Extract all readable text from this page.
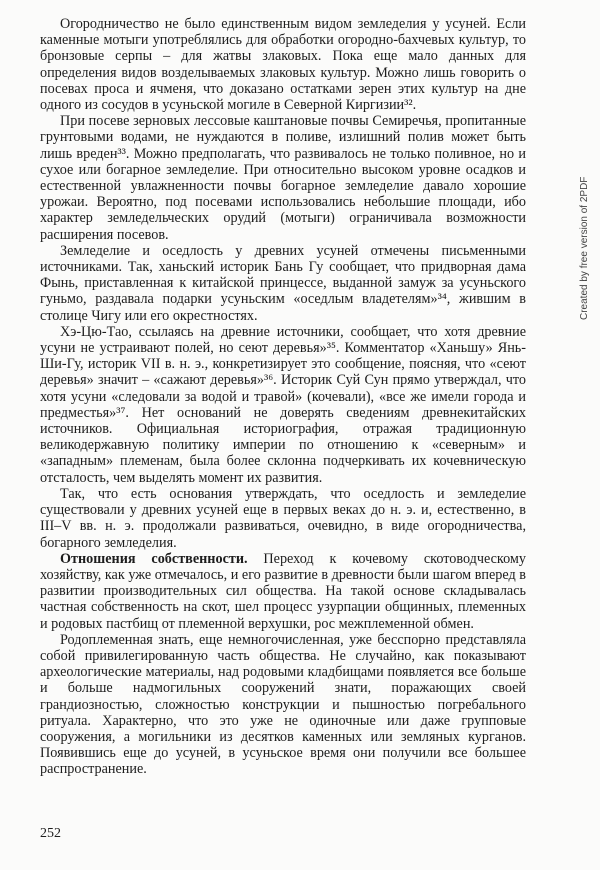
Огородничество не было единственным видом земледелия у усуней. Если каменные мотыги употреблялись для обработки огородно-бахчевых культур, то бронзовые серпы – для жатвы злаковых. Пока еще мало данных для определения видов возделываемых злаковых культур. Можно лишь говорить о посевах проса и ячменя, что доказано остатками зерен этих культур на дне одного из сосудов в усуньской могиле в Северной Киргизии³².

При посеве зерновых лессовые каштановые почвы Семиречья, пропитанные грунтовыми водами, не нуждаются в поливе, излишний полив может быть лишь вреден³³. Можно предполагать, что развивалось не только поливное, но и сухое или богарное земледелие. При относительно высоком уровне осадков и естественной увлажненности почвы богарное земледелие давало хорошие урожаи. Вероятно, под посевами использовались небольшие площади, ибо характер земледельческих орудий (мотыги) ограничивала возможности расширения посевов.

Земледелие и оседлость у древних усуней отмечены письменными источниками. Так, ханьский историк Бань Гу сообщает, что придворная дама Фынь, приставленная к китайской принцессе, выданной замуж за усуньского гуньмо, раздавала подарки усуньским «оседлым владетелям»³⁴, жившим в столице Чигу или его окрестностях.

Хэ-Цю-Тао, ссылаясь на древние источники, сообщает, что хотя древние усуни не устраивают полей, но сеют деревья»³⁵. Комментатор «Ханьшу» Янь-Ши-Гу, историк VII в. н. э., конкретизирует это сообщение, поясняя, что «сеют деревья» значит – «сажают деревья»³⁶. Историк Суй Сун прямо утверждал, что хотя усуни «следовали за водой и травой» (кочевали), «все же имели города и предместья»³⁷. Нет оснований не доверять сведениям древнекитайских источников. Официальная историография, отражая традиционную великодержавную политику империи по отношению к «северным» и «западным» племенам, была более склонна подчеркивать их кочевническую отсталость, чем выделять момент их развития.

Так, что есть основания утверждать, что оседлость и земледелие существовали у древних усуней еще в первых веках до н. э. и, естественно, в III–V вв. н. э. продолжали развиваться, очевидно, в виде огородничества, богарного земледелия.

Отношения собственности. Переход к кочевому скотоводческому хозяйству, как уже отмечалось, и его развитие в древности были шагом вперед в развитии производительных сил общества. На такой основе складывалась частная собственность на скот, шел процесс узурпации общинных, племенных и родовых пастбищ от племенной верхушки, рос межплеменной обмен.

Родоплеменная знать, еще немногочисленная, уже бесспорно представляла собой привилегированную часть общества. Не случайно, как показывают археологические материалы, над родовыми кладбищами появляется все больше и больше надмогильных сооружений знати, поражающих своей грандиозностью, сложностью конструкции и пышностью погребального ритуала. Характерно, что это уже не одиночные или даже групповые сооружения, а могильники из десятков каменных или земляных курганов. Появившись еще до усуней, в усуньское время они получили все большее распространение.

252
Created by free version of 2PDF
